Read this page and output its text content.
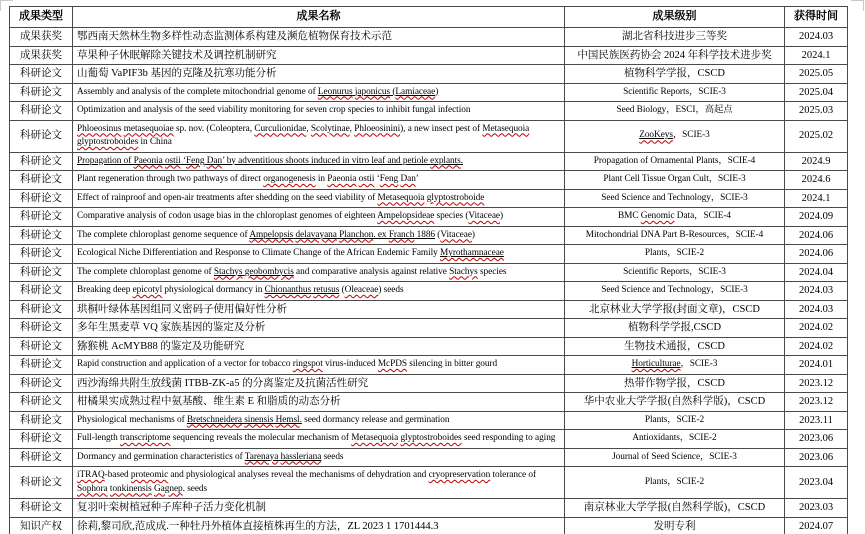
成果类型	成果名称	成果级别	获得时间
成果获奖	鄂西南天然林生物多样性动态监测体系构建及濒危植物保育技术示范	湖北省科技进步三等奖	2024.03
成果获奖	草果种子休眠解除关键技术及调控机制研究	中国民族医药协会 2024 年科学技术进步奖	2024.1
科研论文	山葡萄 VaPIF3b 基因的克隆及抗寒功能分析	植物科学学报，CSCD	2025.05
科研论文	Assembly and analysis of the complete mitochondrial genome of Leonurus japonicus (Lamiaceae)	Scientific Reports，SCIE-3	2025.04
科研论文	Optimization and analysis of the seed viability monitoring for seven crop species to inhibit fungal infection	Seed Biology，ESCI，高起点	2025.03
科研论文	Phloeosinus metasequoiae sp. nov. (Coleoptera, Curculionidae, Scolytinae, Phloeosinini), a new insect pest of Metasequoia glyptostroboides in China	ZooKeys，SCIE-3	2025.02
科研论文	Propagation of Paeonia ostii ‘Feng Dan’ by adventitious shoots induced in vitro leaf and petiole explants.	Propagation of Ornamental Plants，SCIE-4	2024.9
科研论文	Plant regeneration through two pathways of direct organogenesis in Paeonia ostii ‘Feng Dan’	Plant Cell Tissue Organ Cult，SCIE-3	2024.6
科研论文	Effect of rainproof and open-air treatments after shedding on the seed viability of Metasequoia glyptostroboide	Seed Science and Technology，SCIE-3	2024.1
科研论文	Comparative analysis of codon usage bias in the chloroplast genomes of eighteen Ampelopsideae species (Vitaceae)	BMC Genomic Data，SCIE-4	2024.09
科研论文	The complete chloroplast genome sequence of Ampelopsis delavayana Planchon. ex Franch 1886 (Vitaceae)	Mitochondrial DNA Part B-Resources，SCIE-4	2024.06
科研论文	Ecological Niche Differentiation and Response to Climate Change of the African Endemic Family Myrothamnaceae	Plants，SCIE-2	2024.06
科研论文	The complete chloroplast genome of Stachys geobombycis and comparative analysis against relative Stachys species	Scientific Reports，SCIE-3	2024.04
科研论文	Breaking deep epicotyl physiological dormancy in Chionanthus retusus (Oleaceae) seeds	Seed Science and Technology，SCIE-3	2024.03
科研论文	珙桐叶绿体基因组同义密码子使用偏好性分析	北京林业大学学报(封面文章)，CSCD	2024.03
科研论文	多年生黑麦草 VQ 家族基因的鉴定及分析	植物科学学报,CSCD	2024.02
科研论文	猕猴桃 AcMYB88 的鉴定及功能研究	生物技术通报，CSCD	2024.02
科研论文	Rapid construction and application of a vector for tobacco ringspot virus-induced McPDS silencing in bitter gourd	Horticulturae，SCIE-3	2024.01
科研论文	西沙海绵共附生放线菌 ITBB-ZK-a5 的分离鉴定及抗菌活性研究	热带作物学报，CSCD	2023.12
科研论文	柑橘果实成熟过程中氨基酸、维生素 E 和脂质的动态分析	华中农业大学学报(自然科学版)，CSCD	2023.12
科研论文	Physiological mechanisms of Bretschneidera sinensis Hemsl. seed dormancy release and germination	Plants，SCIE-2	2023.11
科研论文	Full-length transcriptome sequencing reveals the molecular mechanism of Metasequoia glyptostroboides seed responding to aging	Antioxidants，SCIE-2	2023.06
科研论文	Dormancy and germination characteristics of Tarenaya hassleriana seeds	Journal of Seed Science，SCIE-3	2023.06
科研论文	iTRAQ-based proteomic and physiological analyses reveal the mechanisms of dehydration and cryopreservation tolerance of Sophora tonkinensis Gagnep. seeds	Plants，SCIE-2	2023.04
科研论文	复羽叶栾树植冠种子库种子活力变化机制	南京林业大学学报(自然科学版)，CSCD	2023.03
知识产权	徐莉,黎司欣,范成成.一种牡丹外植体直接植株再生的方法，ZL 2023 1 1701444.3	发明专利	2024.07
